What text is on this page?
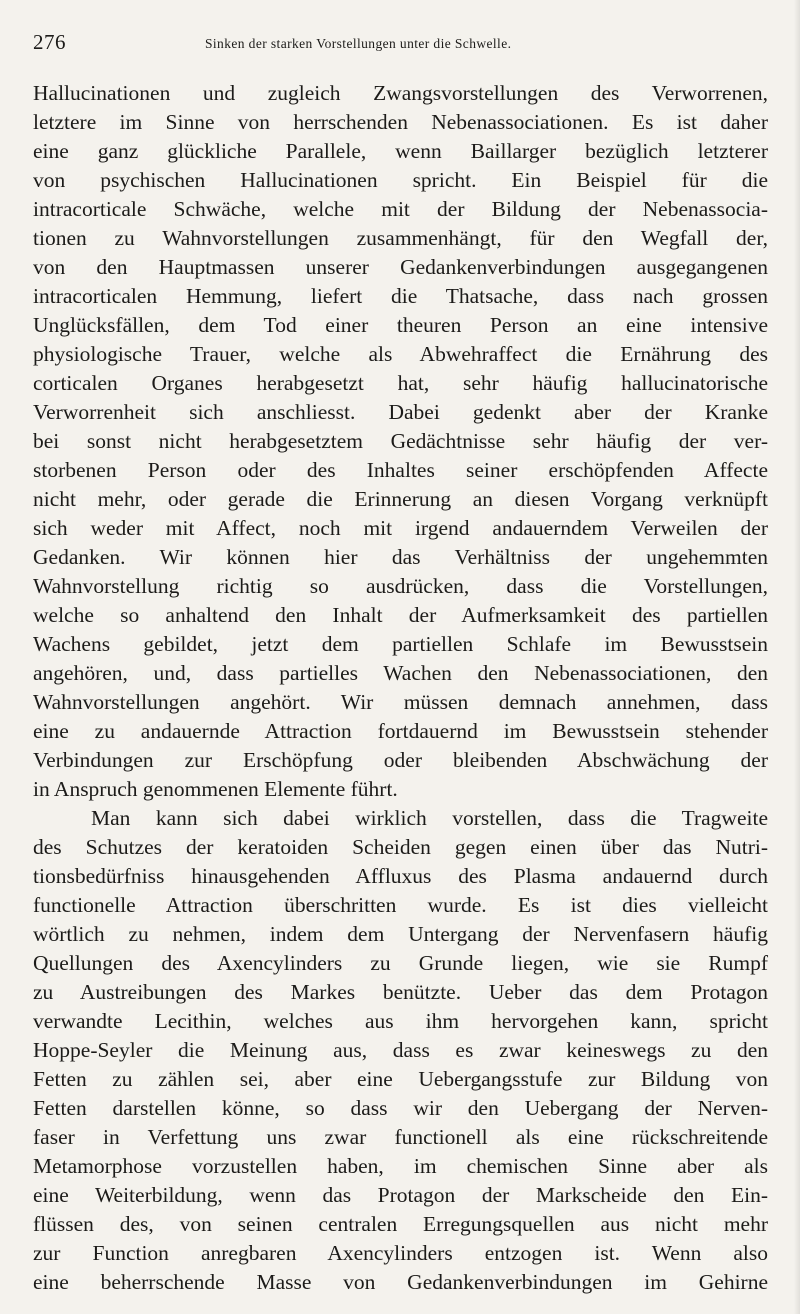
276	Sinken der starken Vorstellungen unter die Schwelle.
Hallucinationen und zugleich Zwangsvorstellungen des Verworrenen,
letztere im Sinne von herrschenden Nebenassociationen. Es ist daher
eine ganz glückliche Parallele, wenn Baillarger bezüglich letzterer
von psychischen Hallucinationen spricht. Ein Beispiel für die
intracorticale Schwäche, welche mit der Bildung der Nebenassocia-
tionen zu Wahnvorstellungen zusammenhängt, für den Wegfall der,
von den Hauptmassen unserer Gedankenverbindungen ausgegangenen
intracorticalen Hemmung, liefert die Thatsache, dass nach grossen
Unglücksfällen, dem Tod einer theuren Person an eine intensive
physiologische Trauer, welche als Abwehraffect die Ernährung des
corticalen Organes herabgesetzt hat, sehr häufig hallucinatorische
Verworrenheit sich anschliesst. Dabei gedenkt aber der Kranke
bei sonst nicht herabgesetztem Gedächtnisse sehr häufig der ver-
storbenen Person oder des Inhaltes seiner erschöpfenden Affecte
nicht mehr, oder gerade die Erinnerung an diesen Vorgang verknüpft
sich weder mit Affect, noch mit irgend andauerndem Verweilen der
Gedanken. Wir können hier das Verhältniss der ungehemmten
Wahnvorstellung richtig so ausdrücken, dass die Vorstellungen,
welche so anhaltend den Inhalt der Aufmerksamkeit des partiellen
Wachens gebildet, jetzt dem partiellen Schlafe im Bewusstsein
angehören, und, dass partielles Wachen den Nebenassociationen, den
Wahnvorstellungen angehört. Wir müssen demnach annehmen, dass
eine zu andauernde Attraction fortdauernd im Bewusstsein stehender
Verbindungen zur Erschöpfung oder bleibenden Abschwächung der
in Anspruch genommenen Elemente führt.
Man kann sich dabei wirklich vorstellen, dass die Tragweite
des Schutzes der keratoiden Scheiden gegen einen über das Nutri-
tionsbedürfniss hinausgehenden Affluxus des Plasma andauernd durch
functionelle Attraction überschritten wurde. Es ist dies vielleicht
wörtlich zu nehmen, indem dem Untergang der Nervenfasern häufig
Quellungen des Axencylinders zu Grunde liegen, wie sie Rumpf
zu Austreibungen des Markes benützte. Ueber das dem Protagon
verwandte Lecithin, welches aus ihm hervorgehen kann, spricht
Hoppe-Seyler die Meinung aus, dass es zwar keineswegs zu den
Fetten zu zählen sei, aber eine Uebergangsstufe zur Bildung von
Fetten darstellen könne, so dass wir den Uebergang der Nerven-
faser in Verfettung uns zwar functionell als eine rückschreitende
Metamorphose vorzustellen haben, im chemischen Sinne aber als
eine Weiterbildung, wenn das Protagon der Markscheide den Ein-
flüssen des, von seinen centralen Erregungsquellen aus nicht mehr
zur Function anregbaren Axencylinders entzogen ist. Wenn also
eine beherrschende Masse von Gedankenverbindungen im Gehirne
